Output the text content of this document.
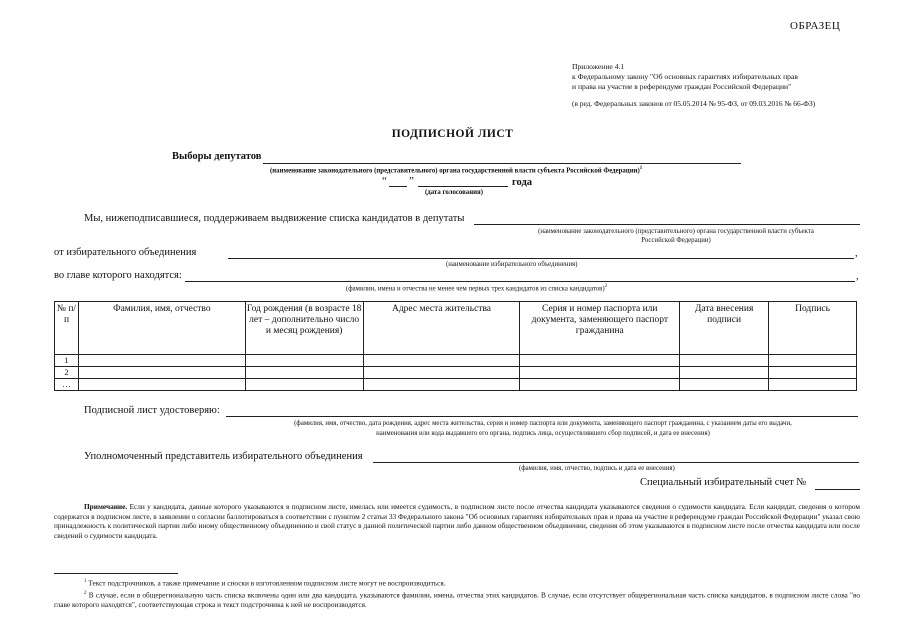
ОБРАЗЕЦ
Приложение 4.1
к Федеральному закону "Об основных гарантиях избирательных прав
и права на участие в референдуме граждан Российской Федерации"
(в ред. Федеральных законов от 05.05.2014 № 95-ФЗ, от 09.03.2016 № 66-ФЗ)
ПОДПИСНОЙ ЛИСТ
Выборы депутатов
(наименование законодательного (представительного) органа государственной власти субъекта Российской Федерации)$^1$
“ ”	года
(дата голосования)
Мы, нижеподписавшиеся, поддерживаем выдвижение списка кандидатов в депутаты
(наименование законодательного (представительного) органа государственной власти субъекта
Российской Федерации)
от избирательного объединения	,
(наименование избирательного объединения)
во главе которого находятся:	,
(фамилии, имена и отчества не менее чем первых трех кандидатов из списка кандидатов)$^2$
№ п/п	Фамилия, имя, отчество	Год рождения (в возрасте 18 лет – дополнительно число и месяц рождения)	Адрес места жительства	Серия и номер паспорта или документа, заменяющего паспорт гражданина	Дата внесения подписи	Подпись
1						
2						
…						
Подписной лист удостоверяю:
(фамилия, имя, отчество, дата рождения, адрес места жительства, серия и номер паспорта или документа, заменяющего паспорт гражданина, с указанием даты его выдачи,
наименования или кода выдавшего его органа, подпись лица, осуществлявшего сбор подписей, и дата ее внесения)
Уполномоченный представитель избирательного объединения
(фамилия, имя, отчество, подпись и дата ее внесения)
Специальный избирательный счет №
Примечание. Если у кандидата, данные которого указываются в подписном листе, имелась или имеется судимость, в подписном листе после отчества кандидата указываются сведения о судимости кандидата. Если кандидат, сведения о котором содержатся в подписном листе, в заявлении о согласии баллотироваться в соответствии с пунктом 2 статьи 33 Федерального закона "Об основных гарантиях избирательных прав и права на участие в референдуме граждан Российской Федерации" указал свою принадлежность к политической партии либо иному общественному объединению и свой статус в данной политической партии либо данном общественном объединении, сведения об этом указываются в подписном листе после отчества кандидата или после сведений о судимости кандидата.
$^1$ Текст подстрочников, а также примечание и сноски в изготовленном подписном листе могут не воспроизводиться.
$^2$ В случае, если в общерегиональную часть списка включены один или два кандидата, указываются фамилии, имена, отчества этих кандидатов. В случае, если отсутствует общерегиональная часть списка кандидатов, в подписном листе слова "во главе которого находятся", соответствующая строка и текст подстрочника к ней не воспроизводятся.
